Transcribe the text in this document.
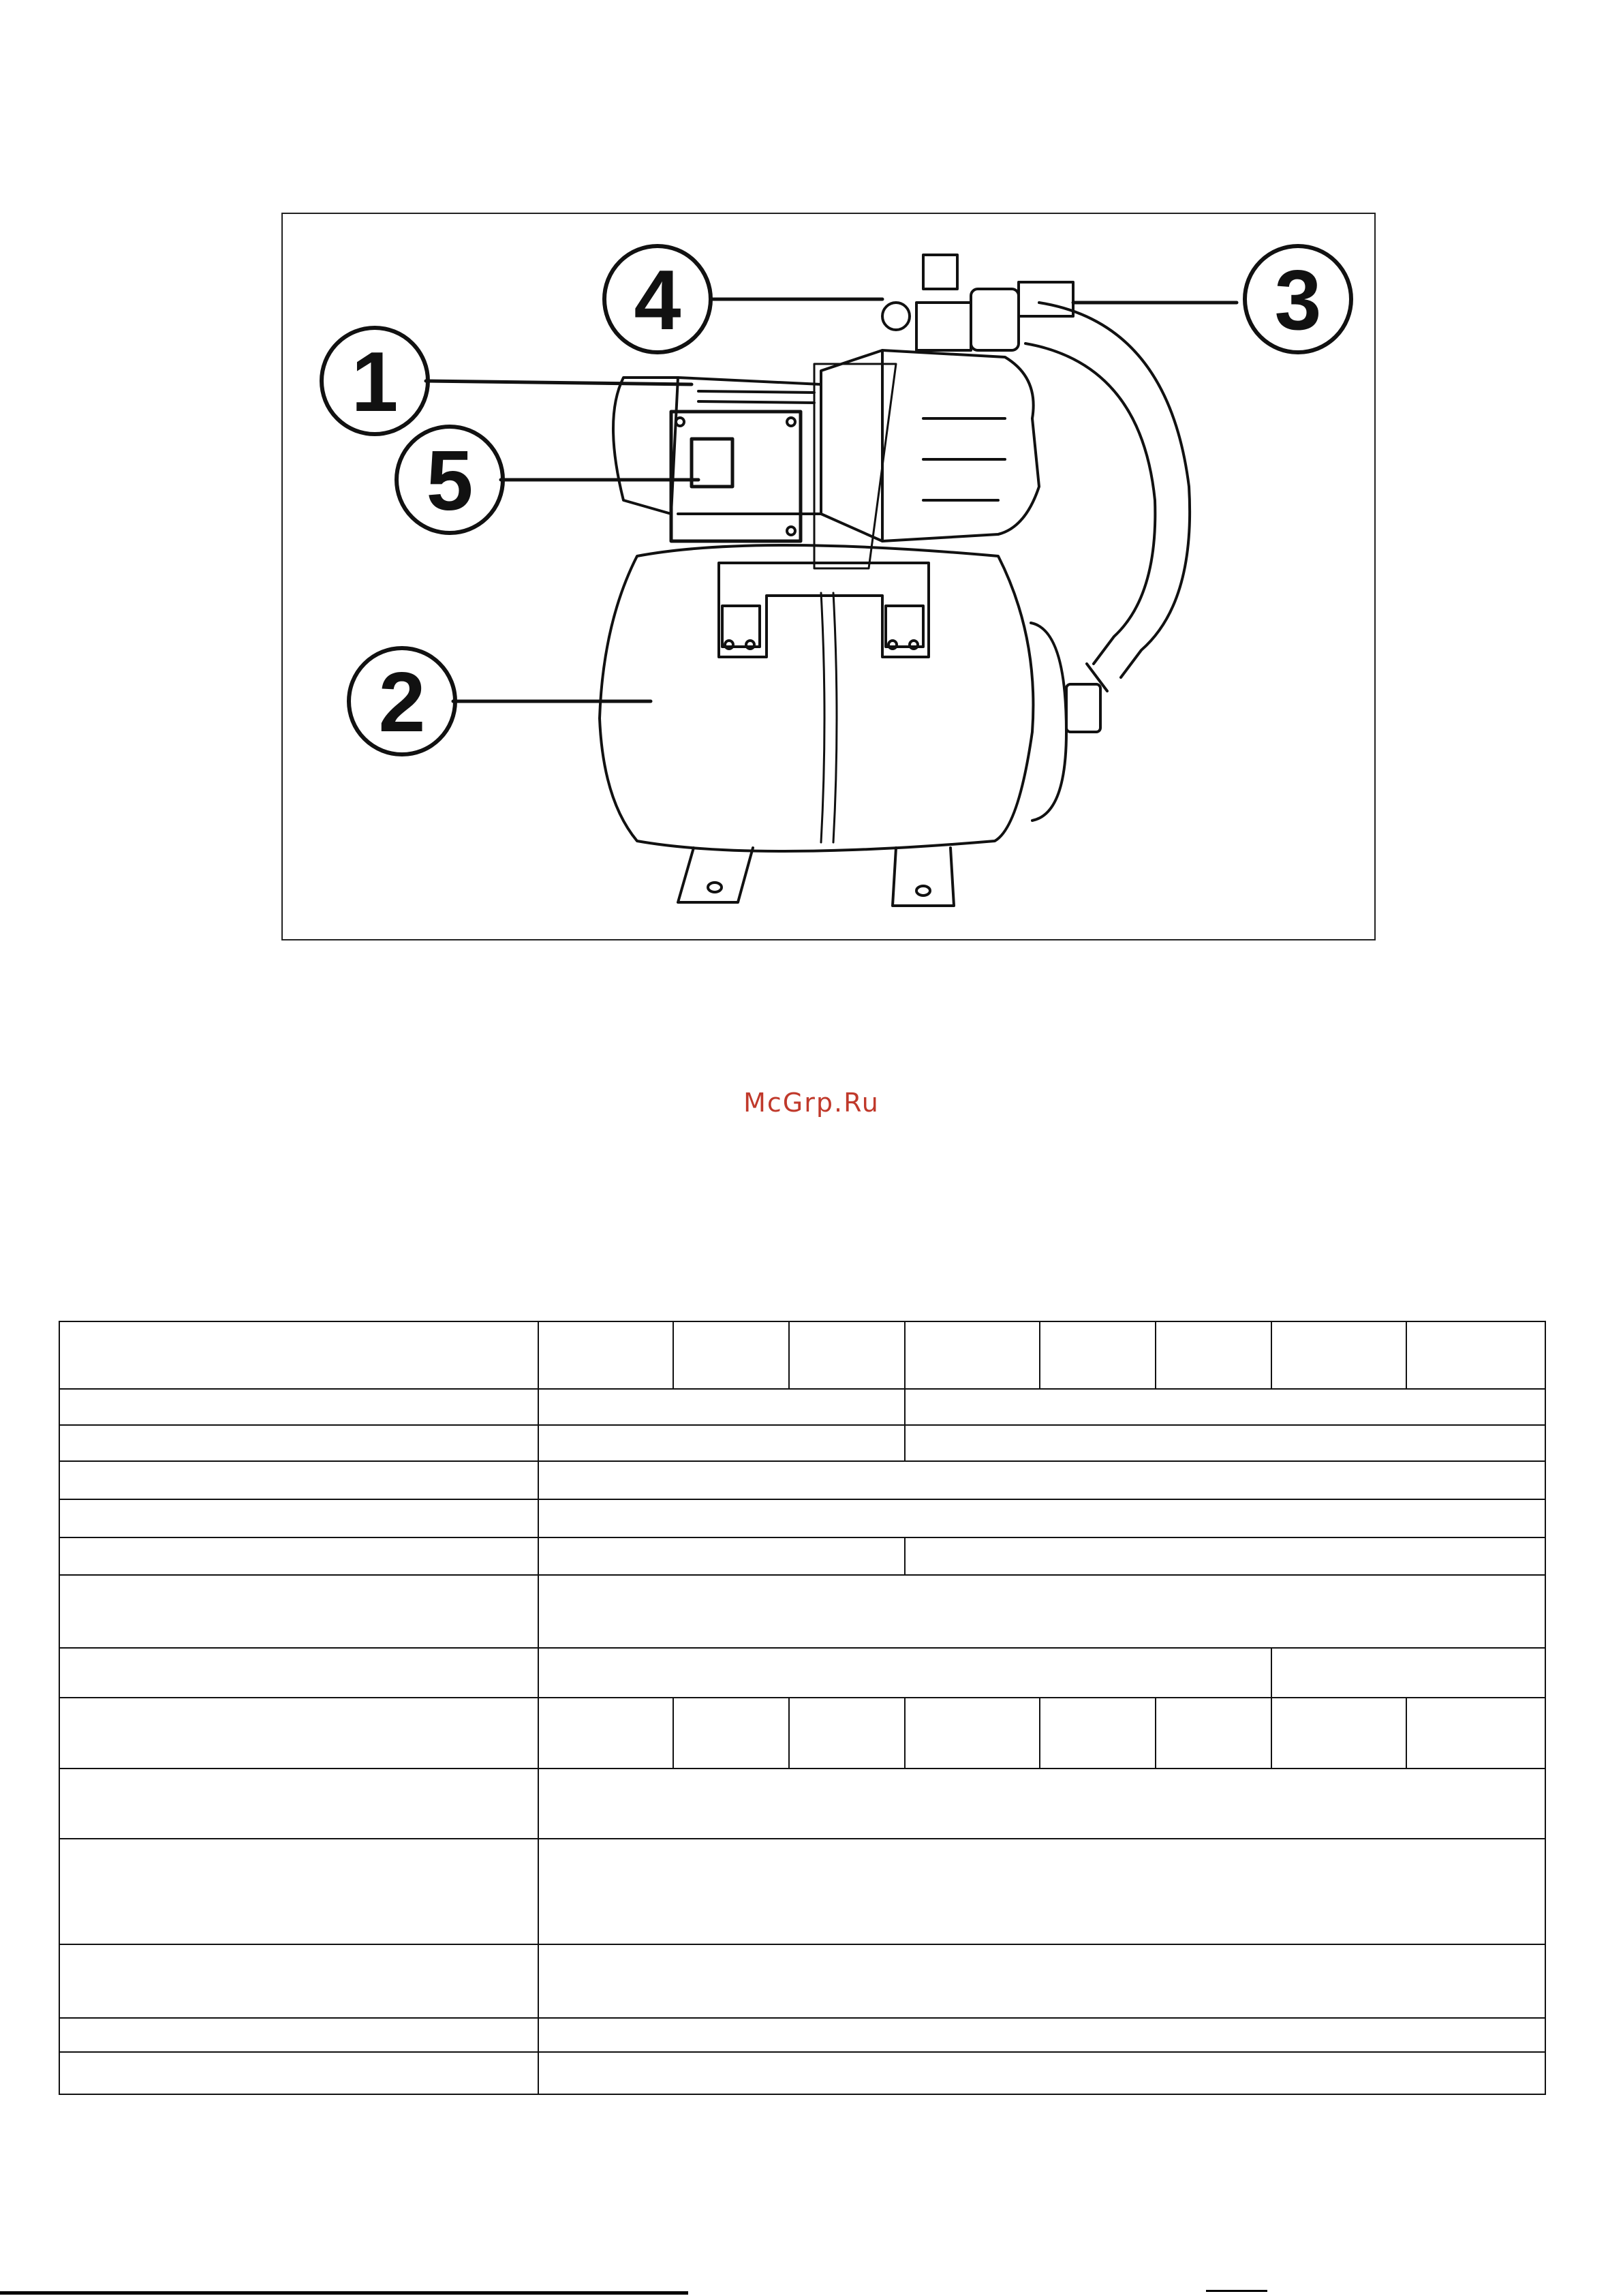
4	3
1
5
2
McGrp.Ru
